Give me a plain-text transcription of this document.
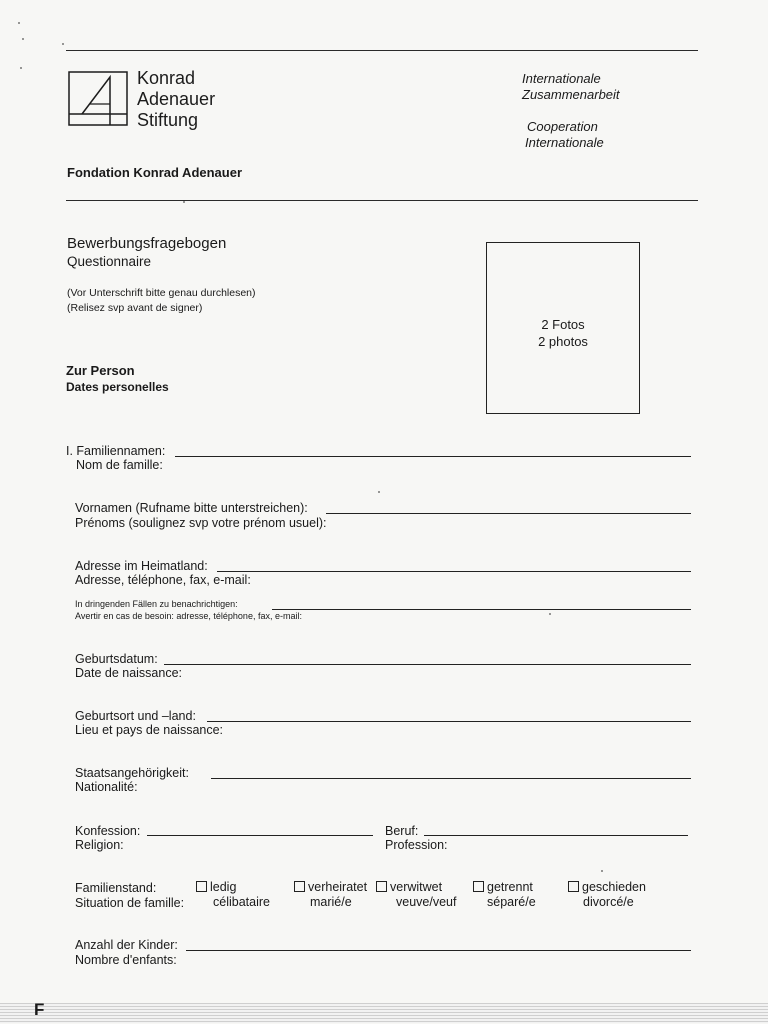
Konrad
Adenauer
Stiftung
Internationale
Zusammenarbeit
Cooperation
Internationale
Fondation Konrad Adenauer
Bewerbungsfragebogen
Questionnaire
(Vor Unterschrift bitte genau durchlesen)
(Relisez svp avant de signer)
2 Fotos
2 photos
Zur Person
Dates personelles
I. Familiennamen:
Nom de famille:
Vornamen (Rufname bitte unterstreichen):
Prénoms (soulignez svp votre prénom usuel):
Adresse im Heimatland:
Adresse, téléphone, fax, e-mail:
In dringenden Fällen zu benachrichtigen:
Avertir en cas de besoin: adresse, téléphone, fax, e-mail:
Geburtsdatum:
Date de naissance:
Geburtsort und –land:
Lieu et pays de naissance:
Staatsangehörigkeit:
Nationalité:
Konfession:
Religion:
Beruf:
Profession:
Familienstand:
Situation de famille:
ledig
célibataire
verheiratet
marié/e
verwitwet
veuve/veuf
getrennt
séparé/e
geschieden
divorcé/e
Anzahl der Kinder:
Nombre d'enfants:
F
